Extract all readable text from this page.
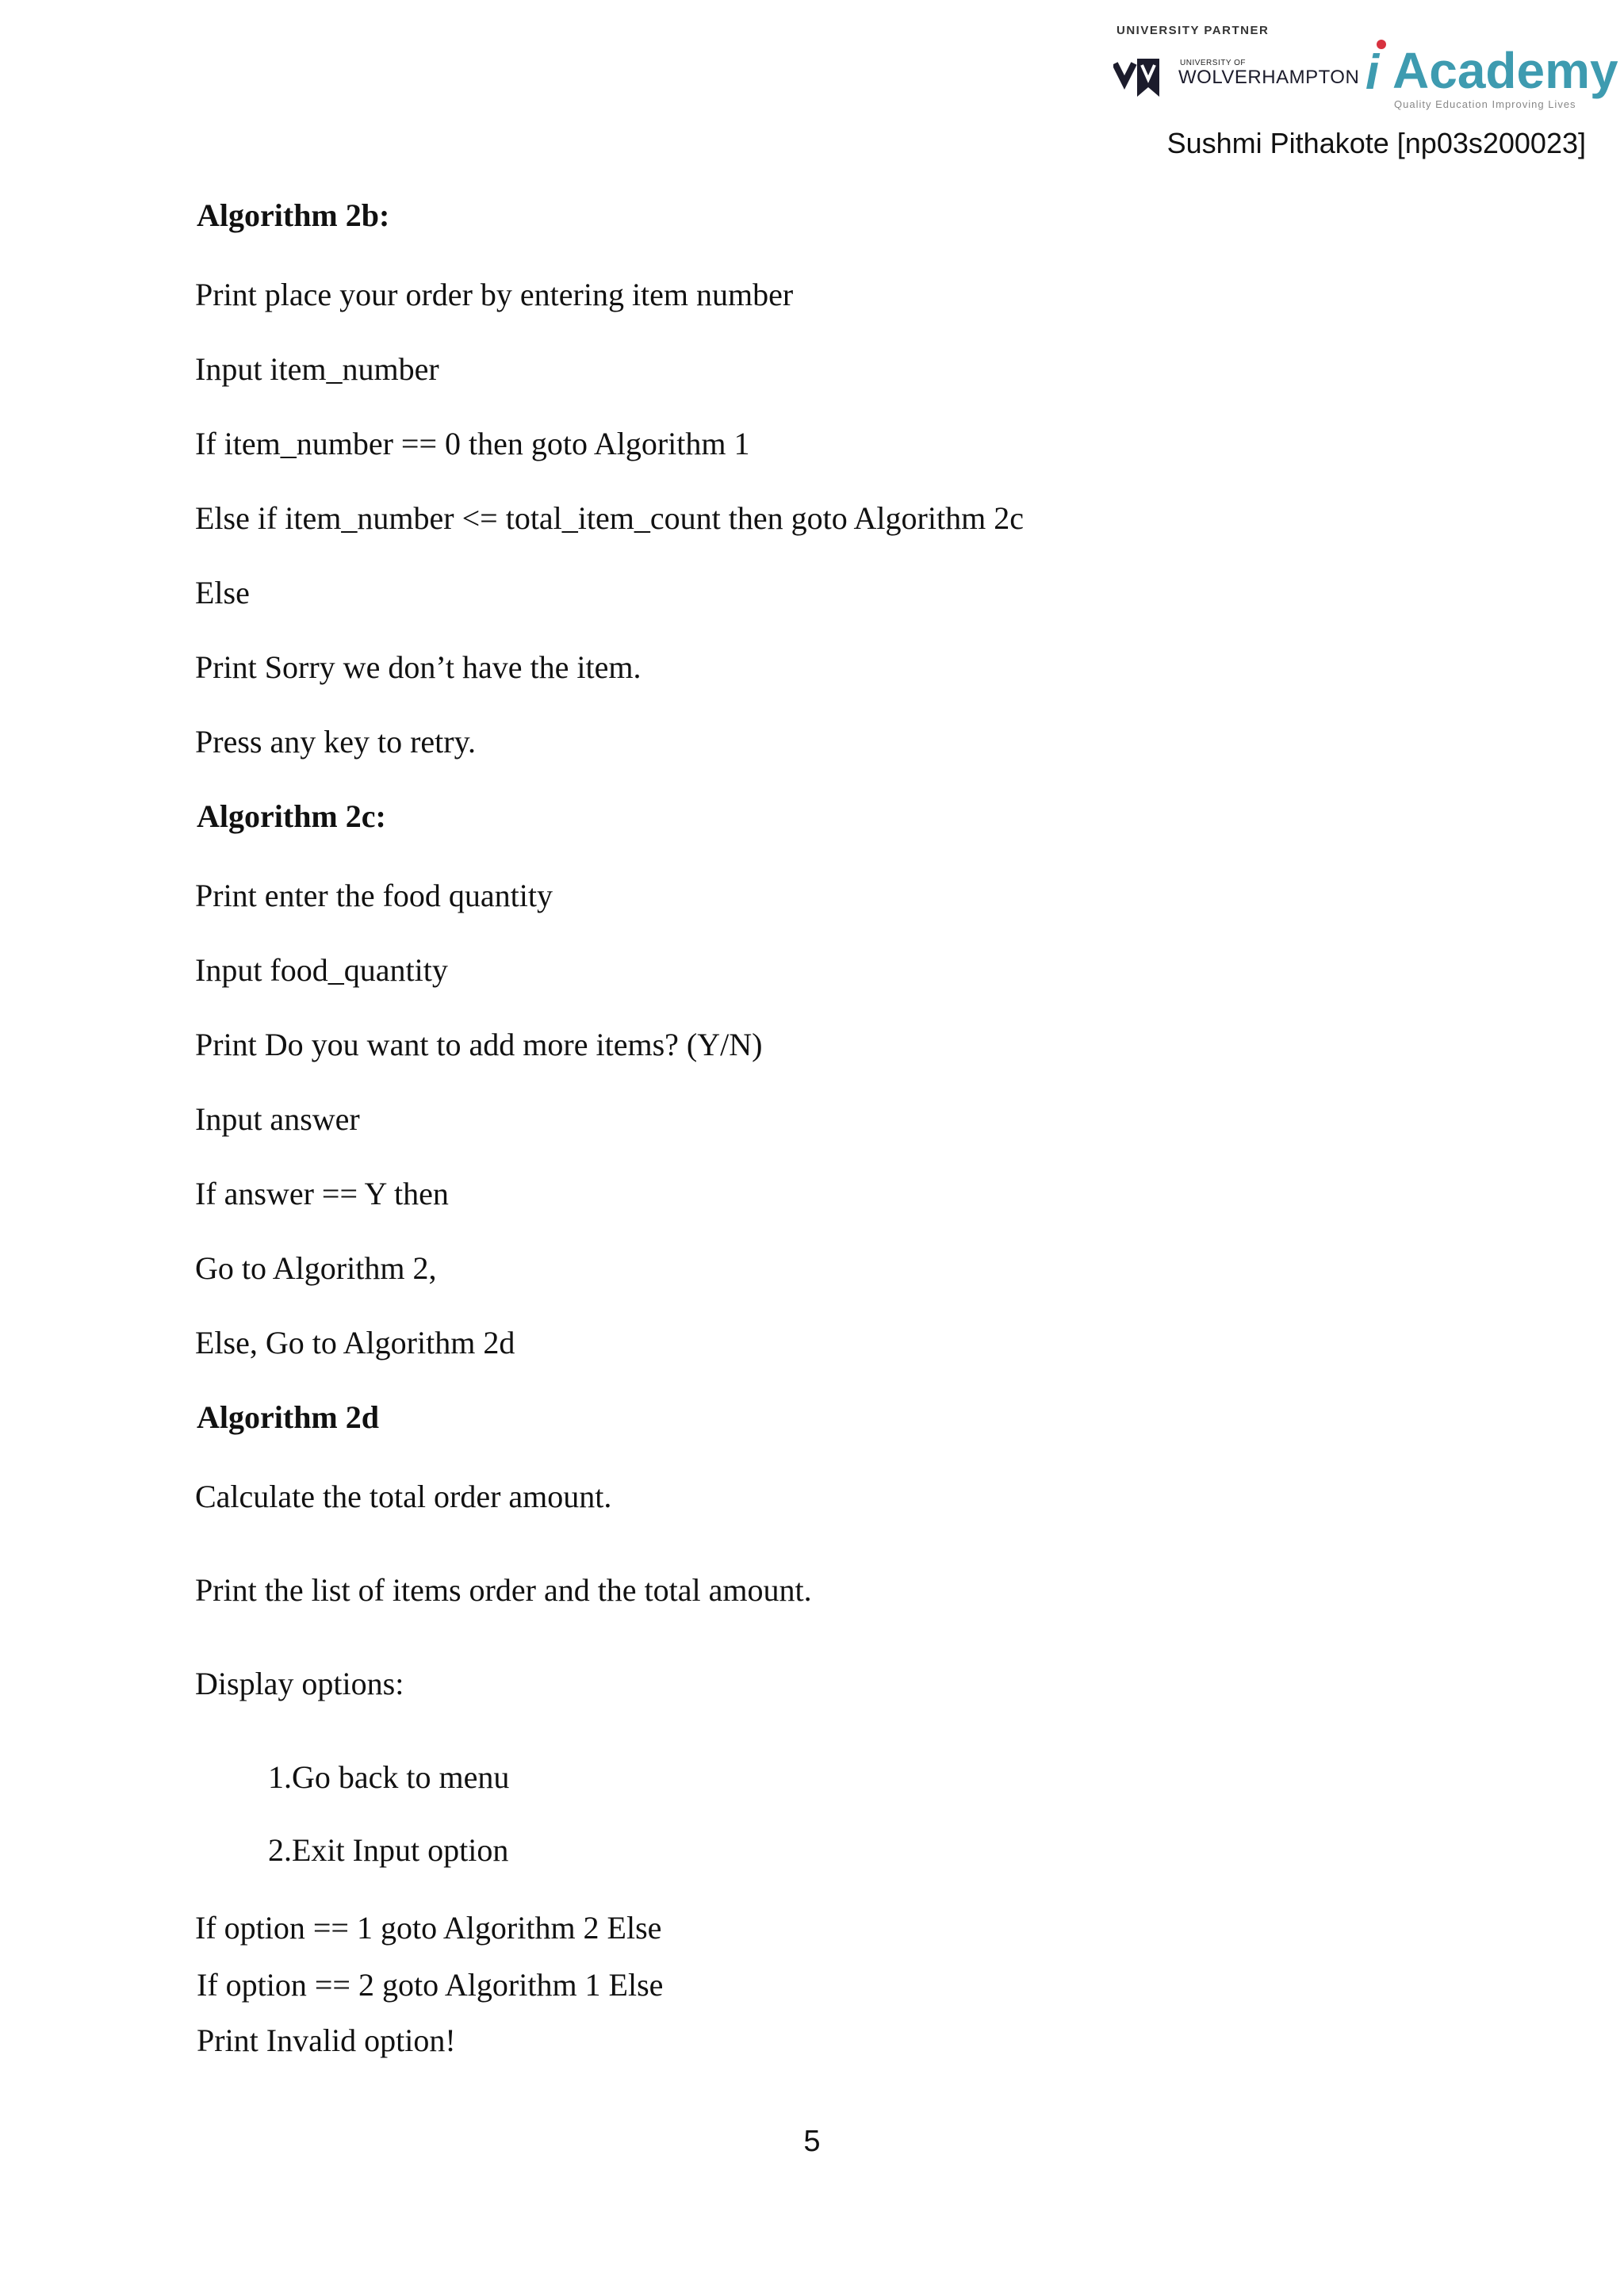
UNIVERSITY PARTNER
UNIVERSITY OF
WOLVERHAMPTON i Academy
Quality Education Improving Lives
Sushmi Pithakote [np03s200023]
Algorithm 2b:
Print place your order by entering item number
Input item_number
If item_number == 0 then goto Algorithm 1
Else if item_number <= total_item_count then goto Algorithm 2c
Else
Print Sorry we don’t have the item.
Press any key to retry.
Algorithm 2c:
Print enter the food quantity
Input food_quantity
Print Do you want to add more items? (Y/N)
Input answer
If answer == Y then
Go to Algorithm 2,
Else, Go to Algorithm 2d
Algorithm 2d
Calculate the total order amount.
Print the list of items order and the total amount.
Display options:
1.Go back to menu
2.Exit Input option
If option == 1 goto Algorithm 2 Else
If option == 2 goto Algorithm 1 Else
Print Invalid option!
5
